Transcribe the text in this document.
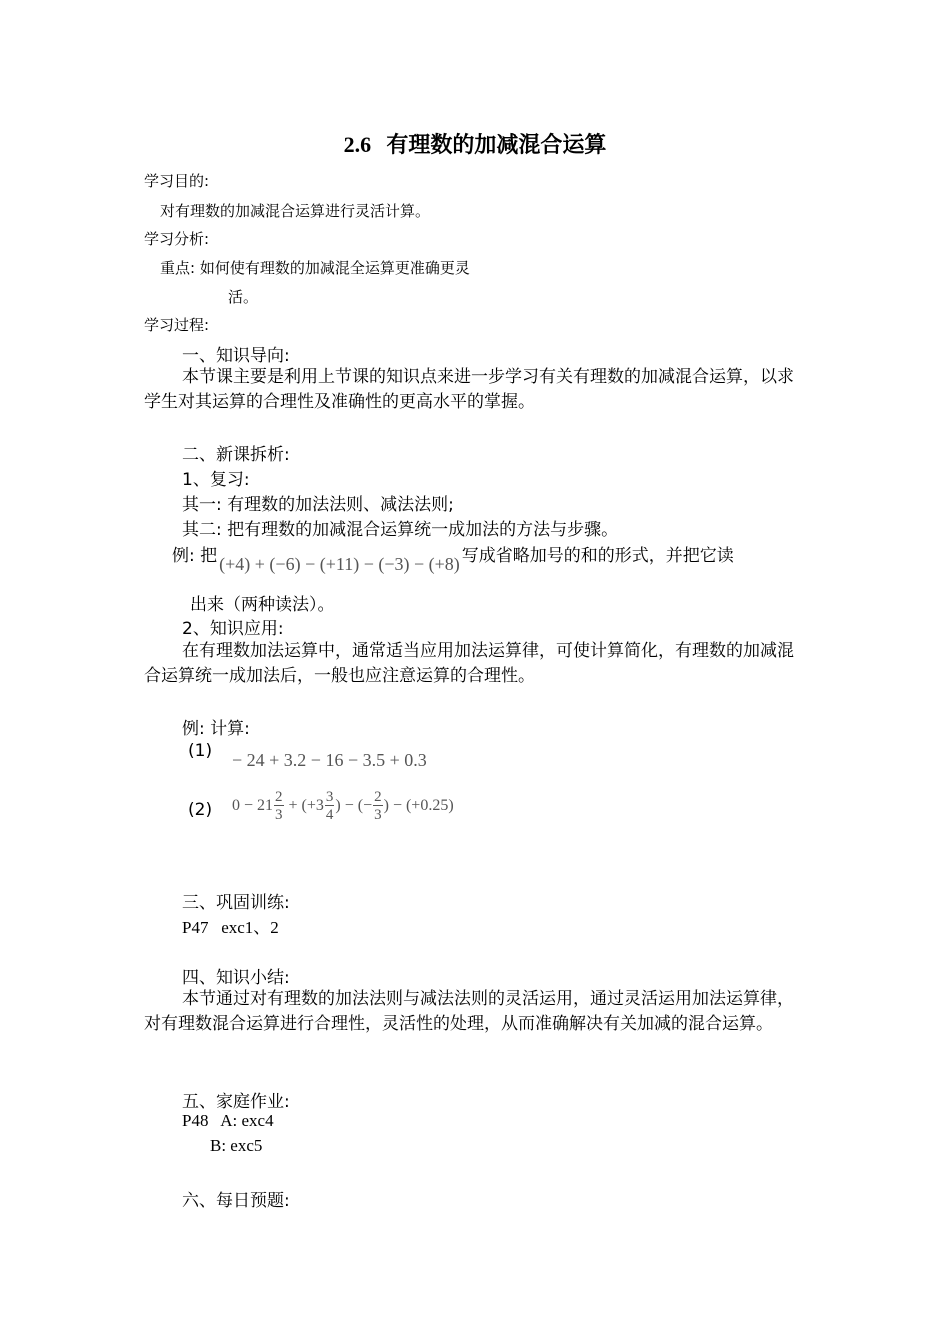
2.6 有理数的加减混合运算
学习目的:
对有理数的加减混合运算进行灵活计算。
学习分析:
重点: 如何使有理数的加减混全运算更准确更灵
活。
学习过程:
一、知识导向:
本节课主要是利用上节课的知识点来进一步学习有关有理数的加减混合运算，以求学生对其运算的合理性及准确性的更高水平的掌握。
二、新课拆析:
1、复习:
其一: 有理数的加法法则、减法法则;
其二: 把有理数的加减混合运算统一成加法的方法与步骤。
例: 把 (+4) + (−6) − (+11) − (−3) − (+8) 写成省略加号的和的形式，并把它读
出来（两种读法）。
2、知识应用:
在有理数加法运算中，通常适当应用加法运算律，可使计算简化，有理数的加减混合运算统一成加法后，一般也应注意运算的合理性。
例: 计算:
(1) − 24 + 3.2 − 16 − 3.5 + 0.3
(2) $0 - 21 \frac{2}{3} + (+3 \frac{3}{4}$ ) − (− $\frac{2}{3}$ ) − (+0.25)
三、巩固训练:
P47   exc1、2
四、知识小结:
本节通过对有理数的加法法则与减法法则的灵活运用，通过灵活运用加法运算律，对有理数混合运算进行合理性，灵活性的处理，从而准确解决有关加减的混合运算。
五、家庭作业:
P48   A: exc4
B: exc5
六、每日预题:
